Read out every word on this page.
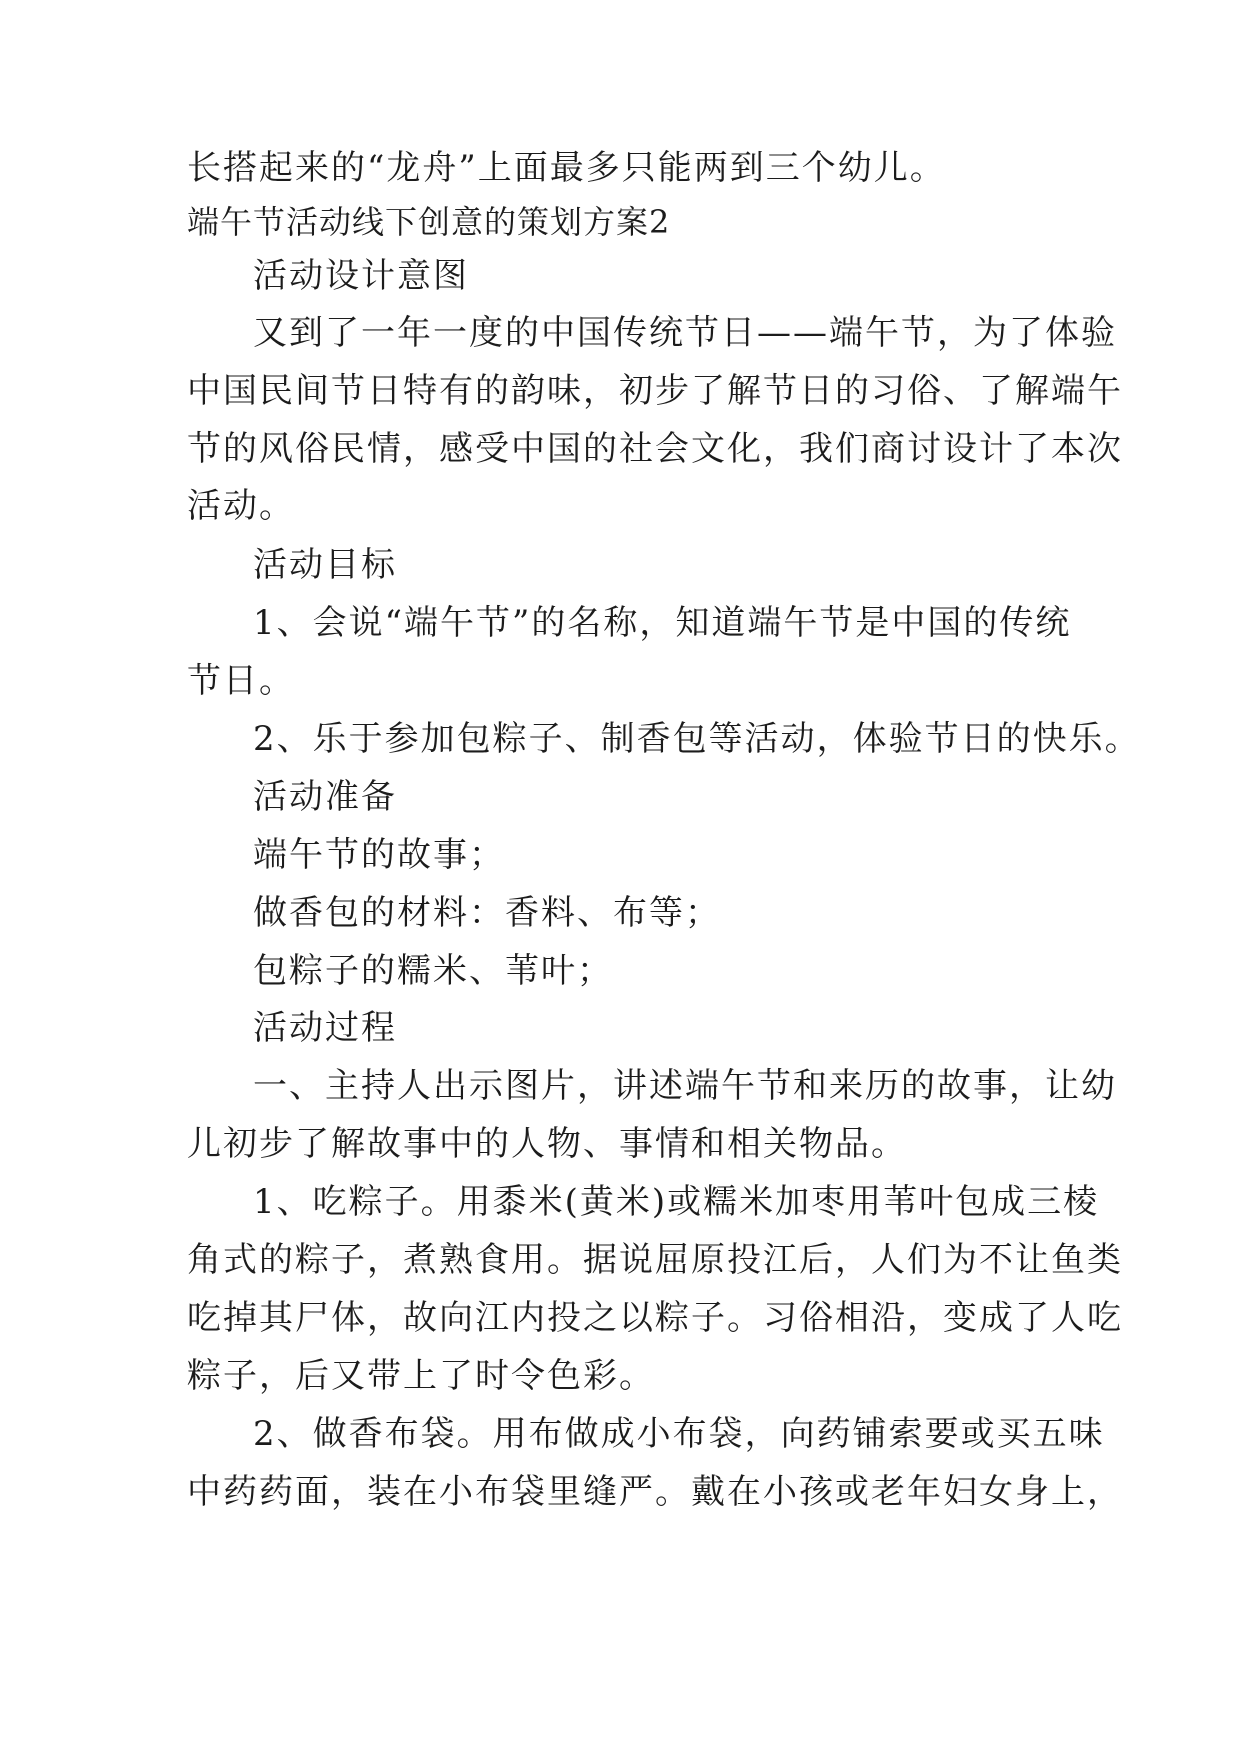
长搭起来的“龙舟”上面最多只能两到三个幼儿。

端午节活动线下创意的策划方案2

活动设计意图

又到了一年一度的中国传统节日——端午节，为了体验

中国民间节日特有的韵味，初步了解节日的习俗、了解端午

节的风俗民情，感受中国的社会文化，我们商讨设计了本次

活动。

活动目标

1、会说“端午节”的名称，知道端午节是中国的传统

节日。

2、乐于参加包粽子、制香包等活动，体验节日的快乐。

活动准备

端午节的故事；

做香包的材料：香料、布等；

包粽子的糯米、苇叶；

活动过程

一、主持人出示图片，讲述端午节和来历的故事，让幼

儿初步了解故事中的人物、事情和相关物品。

1、吃粽子。用黍米(黄米)或糯米加枣用苇叶包成三棱

角式的粽子，煮熟食用。据说屈原投江后，人们为不让鱼类

吃掉其尸体，故向江内投之以粽子。习俗相沿，变成了人吃

粽子，后又带上了时令色彩。

2、做香布袋。用布做成小布袋，向药铺索要或买五味

中药药面，装在小布袋里缝严。戴在小孩或老年妇女身上，
